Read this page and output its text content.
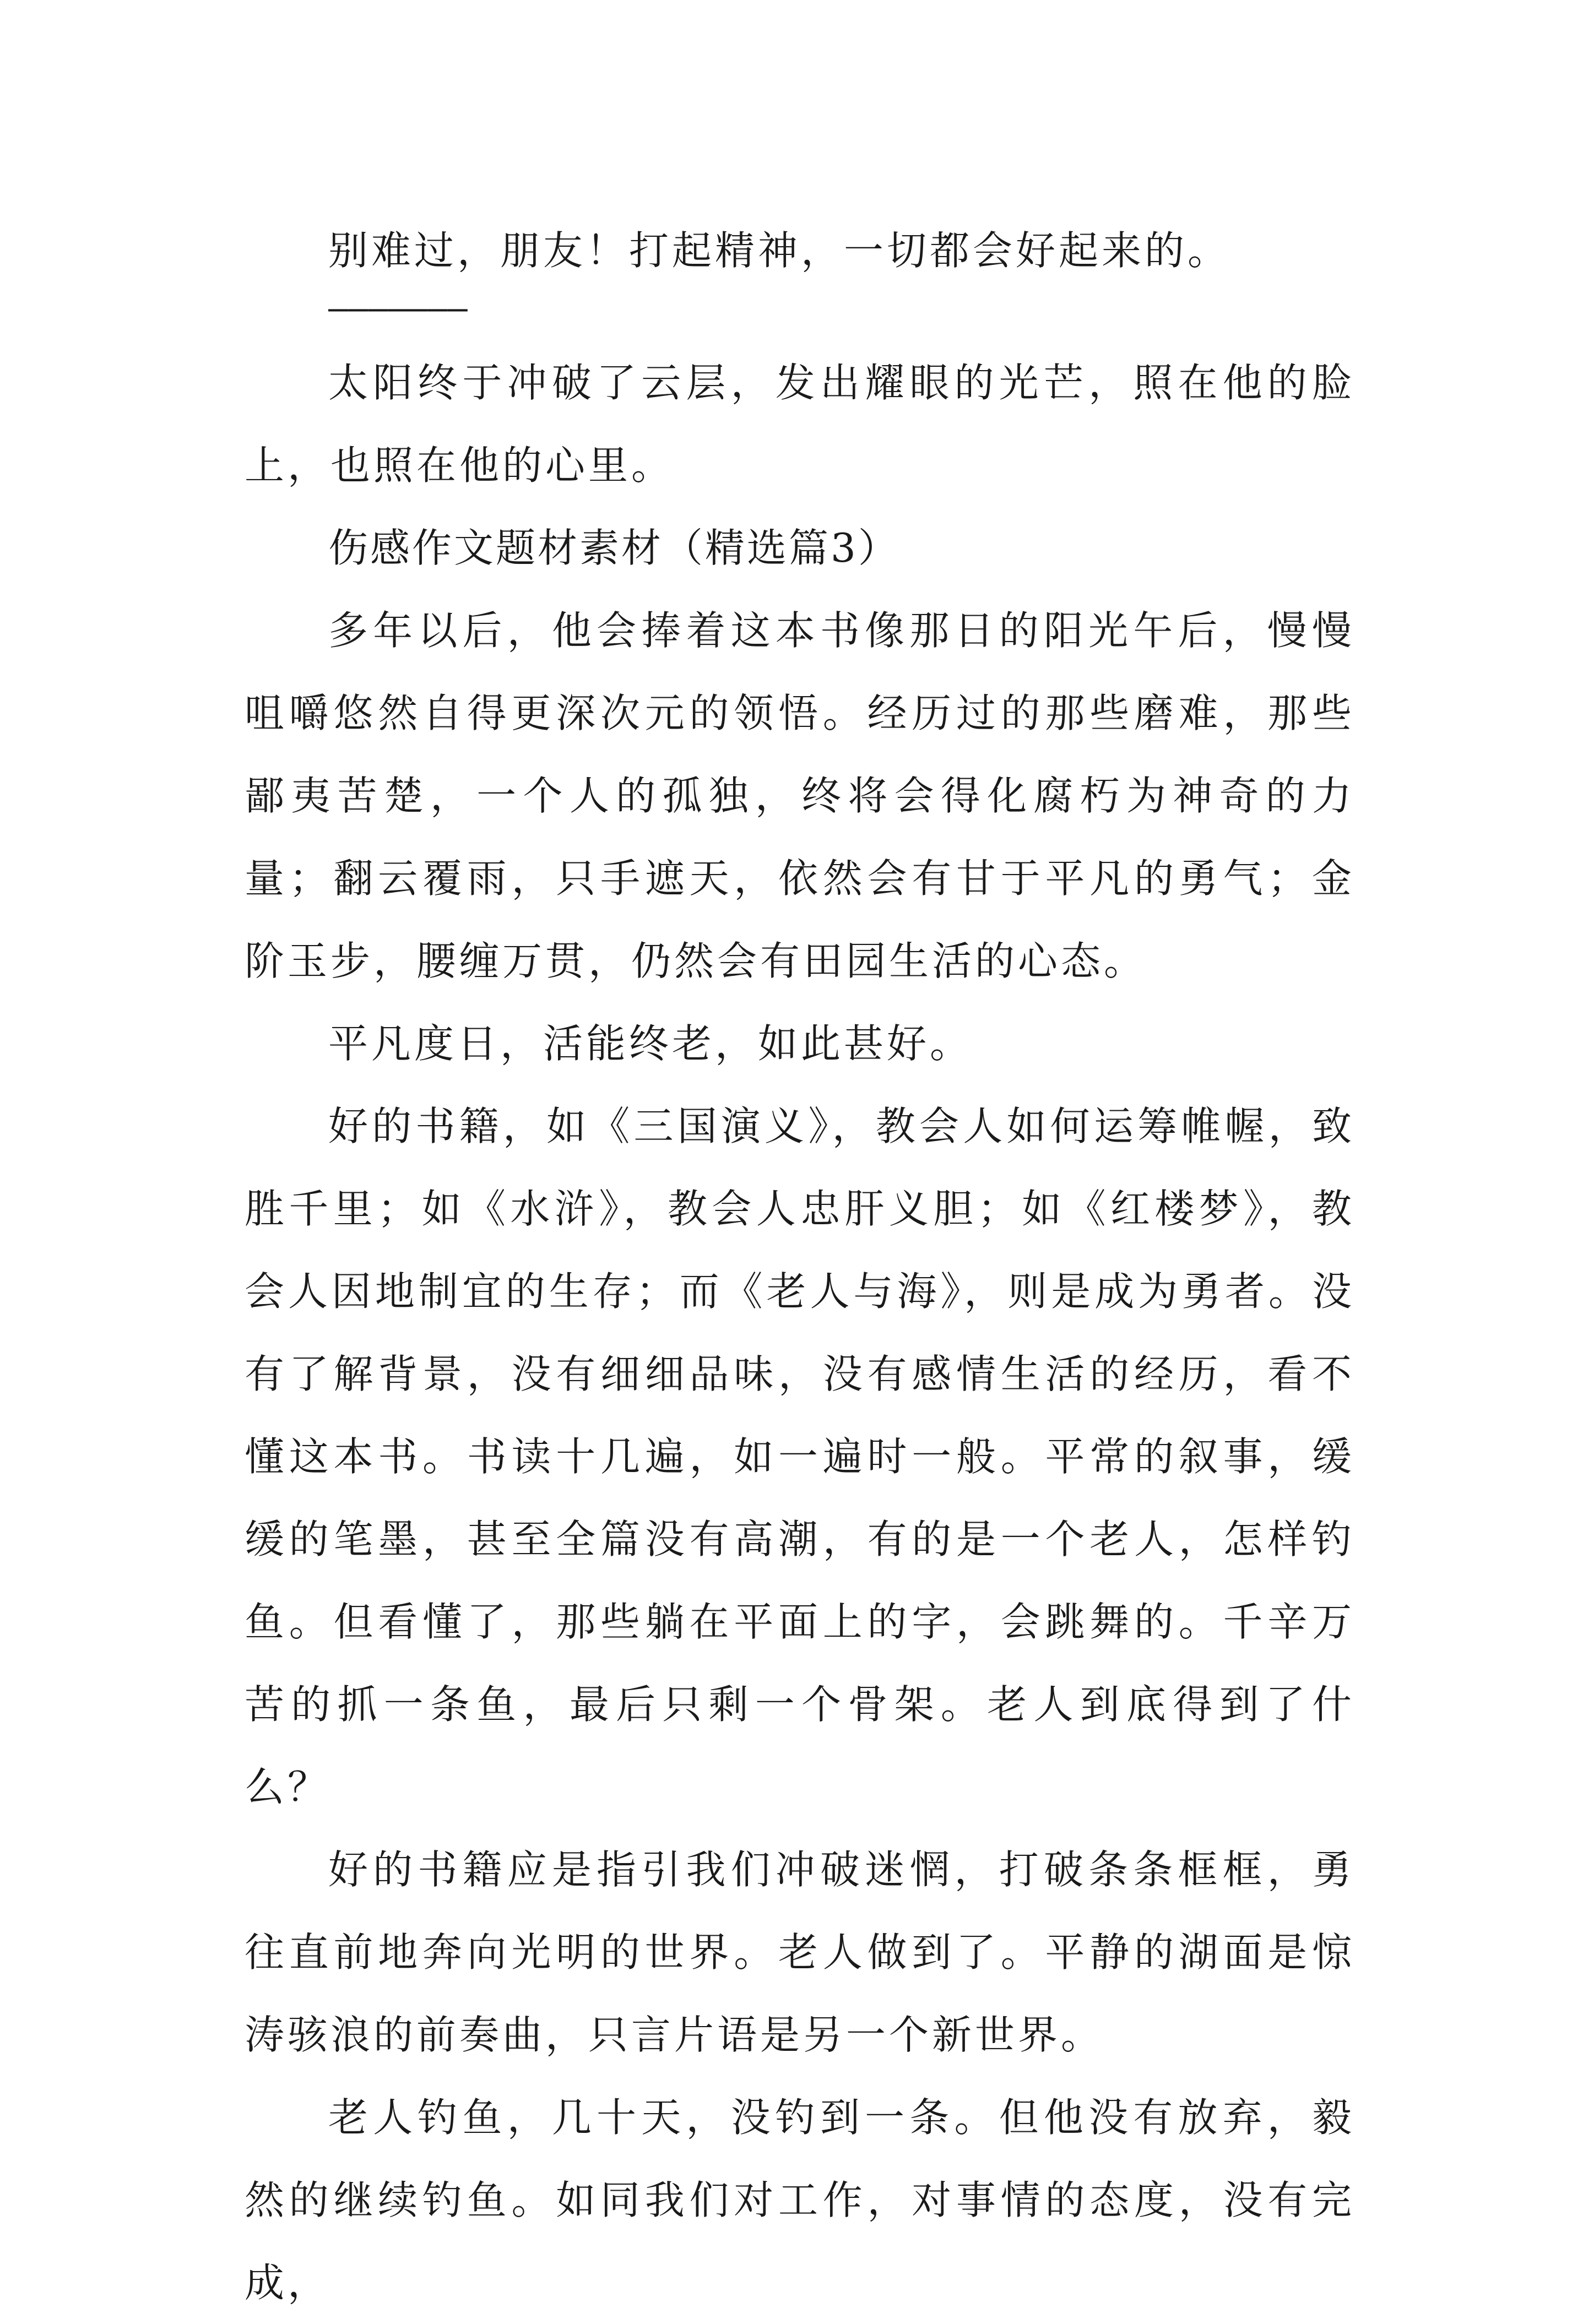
别难过，朋友！打起精神，一切都会好起来的。

———————

太阳终于冲破了云层，发出耀眼的光芒，照在他的脸上，也照在他的心里。

伤感作文题材素材（精选篇3）

多年以后，他会捧着这本书像那日的阳光午后，慢慢咀嚼悠然自得更深次元的领悟。经历过的那些磨难，那些鄙夷苦楚，一个人的孤独，终将会得化腐朽为神奇的力量；翻云覆雨，只手遮天，依然会有甘于平凡的勇气；金阶玉步，腰缠万贯，仍然会有田园生活的心态。

平凡度日，活能终老，如此甚好。

好的书籍，如《三国演义》，教会人如何运筹帷幄，致胜千里；如《水浒》，教会人忠肝义胆；如《红楼梦》，教会人因地制宜的生存；而《老人与海》，则是成为勇者。没有了解背景，没有细细品味，没有感情生活的经历，看不懂这本书。书读十几遍，如一遍时一般。平常的叙事，缓缓的笔墨，甚至全篇没有高潮，有的是一个老人，怎样钓鱼。但看懂了，那些躺在平面上的字，会跳舞的。千辛万苦的抓一条鱼，最后只剩一个骨架。老人到底得到了什么？

好的书籍应是指引我们冲破迷惘，打破条条框框，勇往直前地奔向光明的世界。老人做到了。平静的湖面是惊涛骇浪的前奏曲，只言片语是另一个新世界。

老人钓鱼，几十天，没钓到一条。但他没有放弃，毅然的继续钓鱼。如同我们对工作，对事情的态度，没有完成，
